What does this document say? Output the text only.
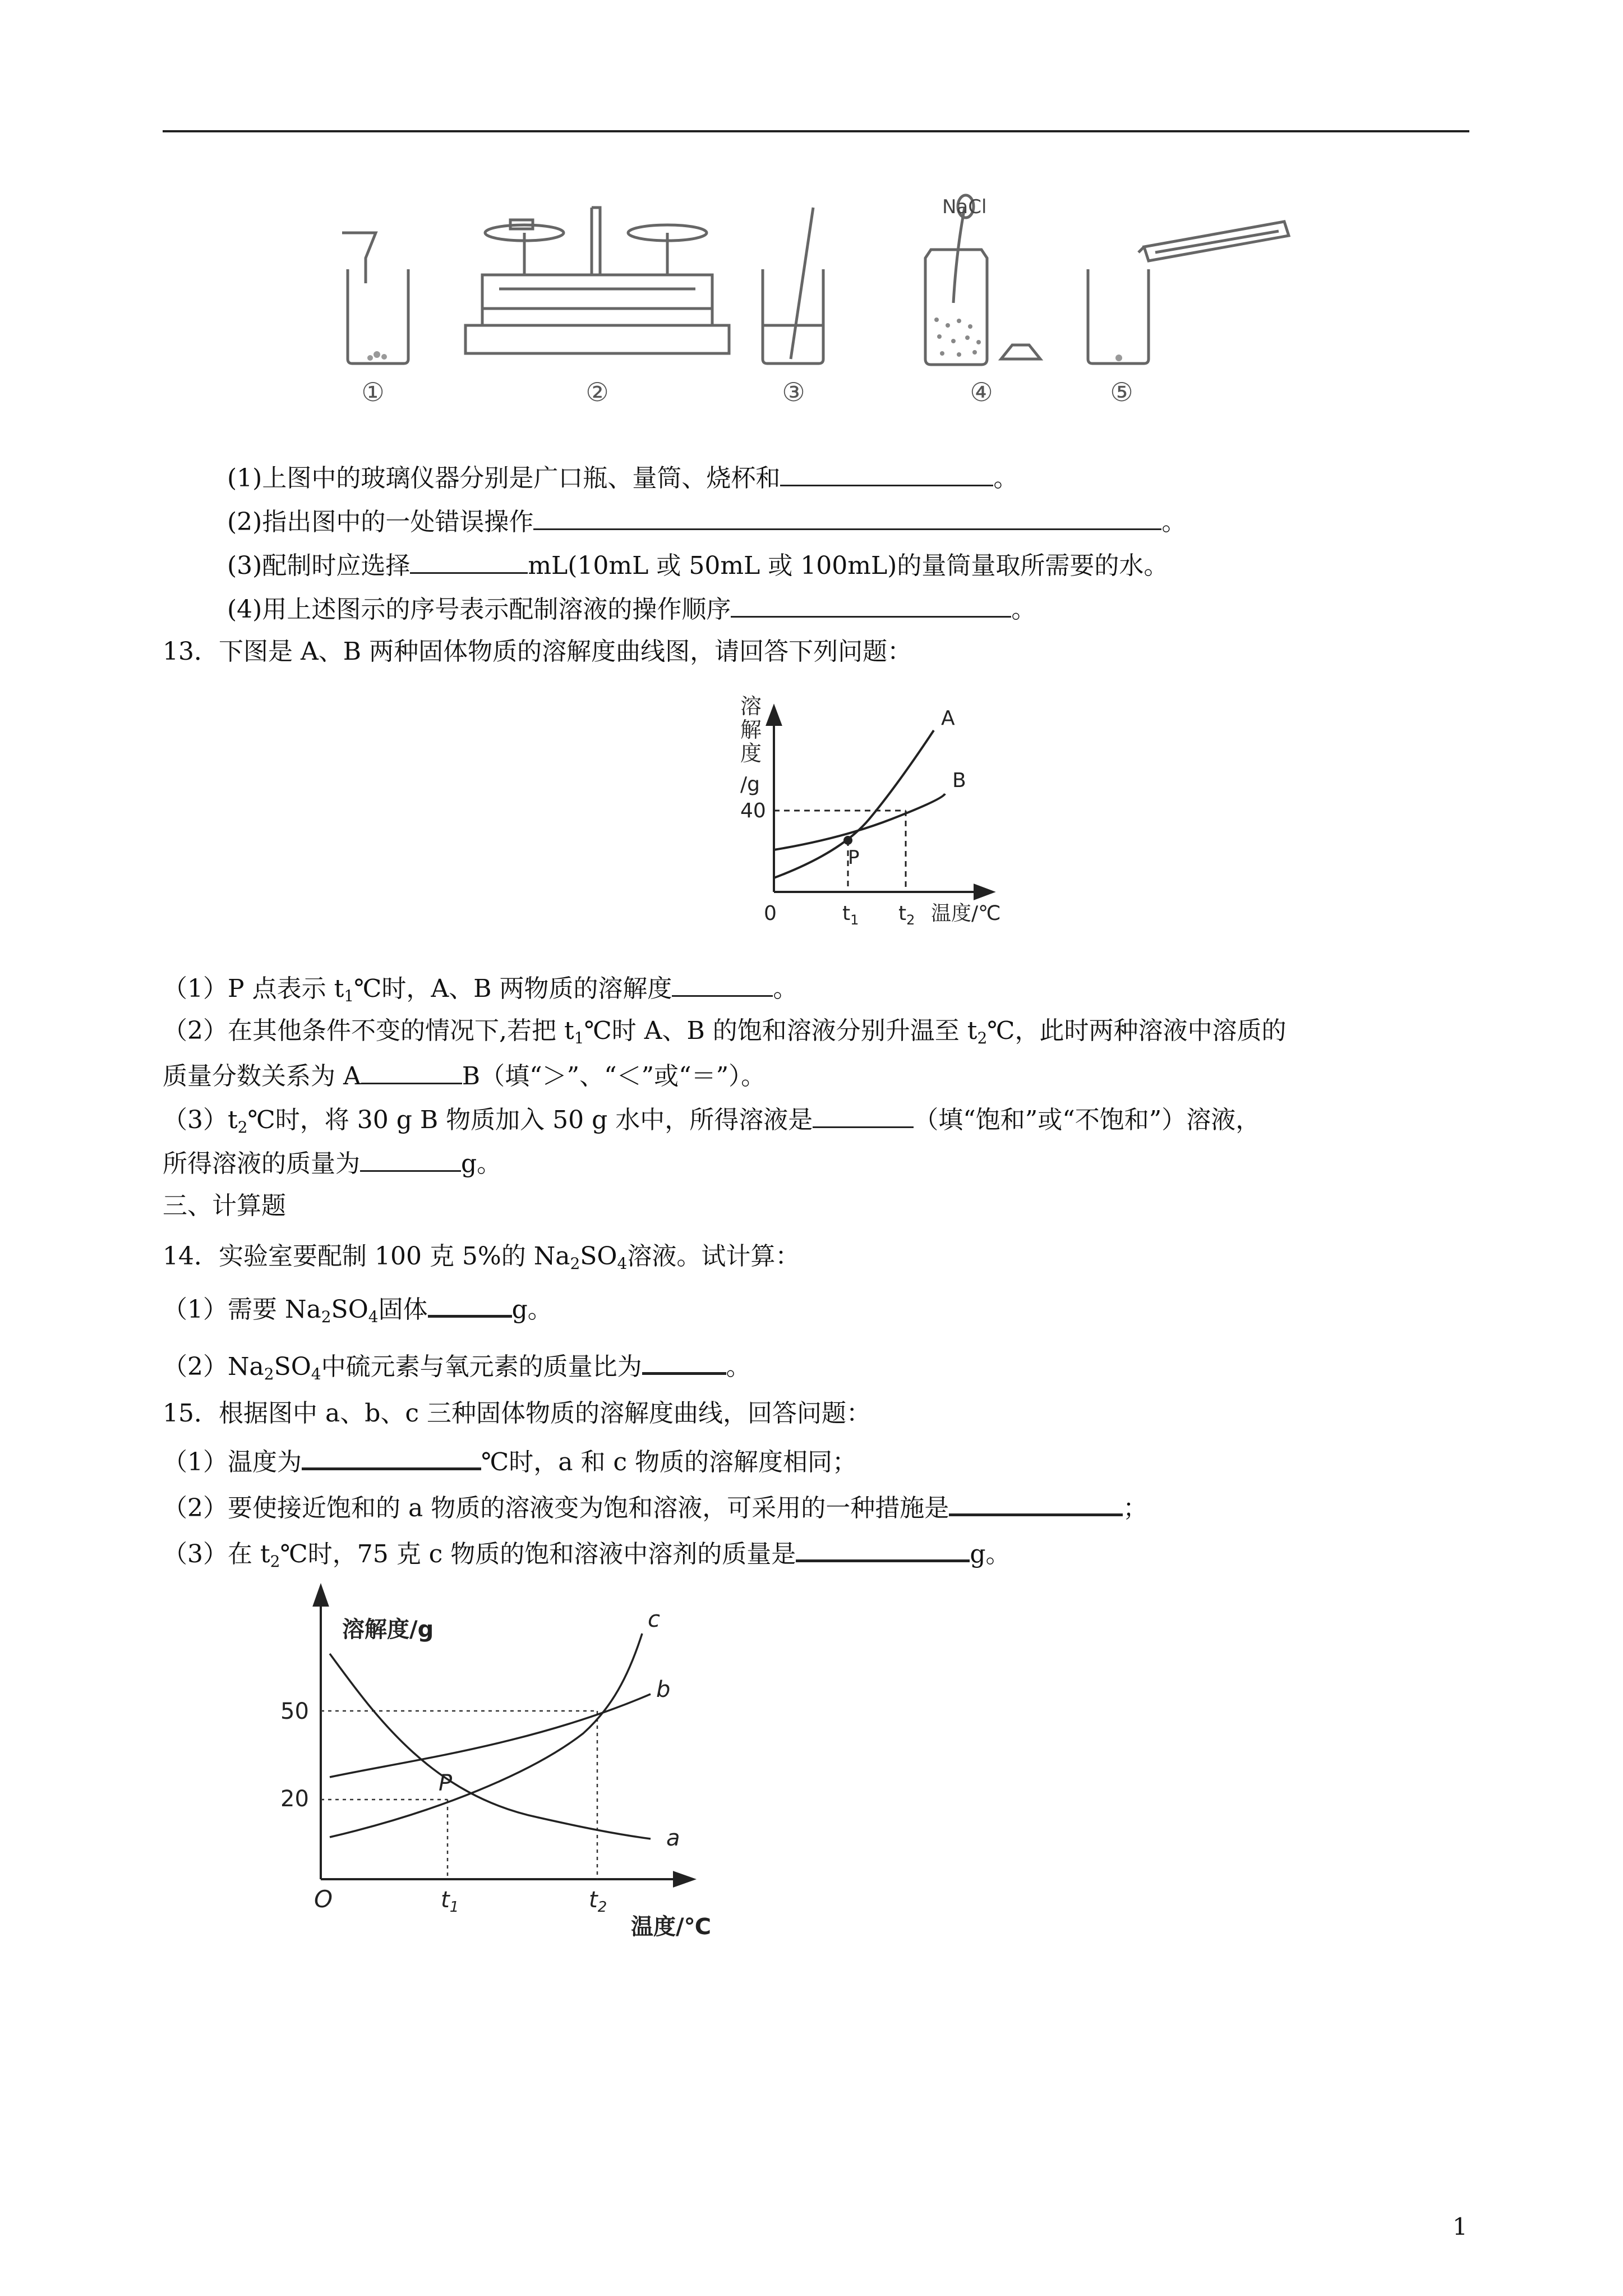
NaCl
①	②	③	④	⑤
(1)上图中的玻璃仪器分别是广口瓶、量筒、烧杯和	。
(2)指出图中的一处错误操作	。
(3)配制时应选择	mL(10mL 或 50mL 或 100mL)的量筒量取所需要的水。
(4)用上述图示的序号表示配制溶液的操作顺序	。
13．下图是 A、B 两种固体物质的溶解度曲线图，请回答下列问题：
溶
解
度
/g
40
0	$t_1$ $t_2$ 温度/℃
A
B
P
（1）P 点表示 $t_1℃$时，A、B 两物质的溶解度	。
（2）在其他条件不变的情况下,若把 $t_1℃$时 A、B 的饱和溶液分别升温至 $t_2℃$，此时两种溶液中溶质的
质量分数关系为 A	B（填“＞”、“＜”或“＝”）。
$(3)t_2℃$时，将 30 g B 物质加入 50 g 水中，所得溶液是	（填“饱和”或“不饱和”）溶液，
所得溶液的质量为	g。
三、计算题
14．实验室要配制 100 克 5%的 $Na_2SO_4$溶液。试计算：
（1）需要 $Na_2SO_4$固体	g。
$(2)Na_2SO_4$中硫元素与氧元素的质量比为	。
15．根据图中 a、b、c 三种固体物质的溶解度曲线，回答问题：
（1）温度为	℃时，a 和 c 物质的溶解度相同；
（2）要使接近饱和的 a 物质的溶液变为饱和溶液，可采用的一种措施是	；
（3）在 $t_2℃$时，75 克 c 物质的饱和溶液中溶剂的质量是	g。
溶解度/g
50
20
O	$t_1$	$t_2$
温度/℃
c
b
a
P
1
